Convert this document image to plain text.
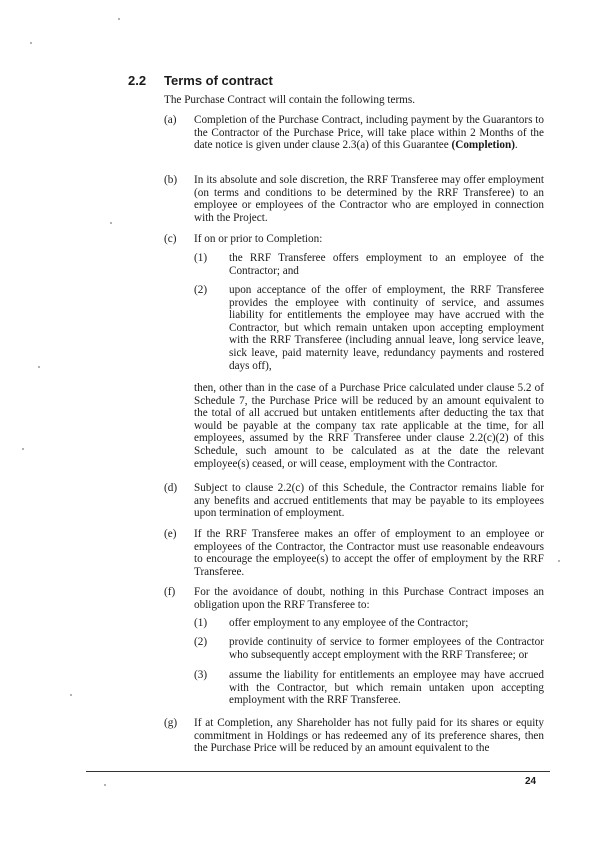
2.2 Terms of contract
The Purchase Contract will contain the following terms.
(a) Completion of the Purchase Contract, including payment by the Guarantors to the Contractor of the Purchase Price, will take place within 2 Months of the date notice is given under clause 2.3(a) of this Guarantee (Completion).
(b) In its absolute and sole discretion, the RRF Transferee may offer employment (on terms and conditions to be determined by the RRF Transferee) to an employee or employees of the Contractor who are employed in connection with the Project.
(c) If on or prior to Completion:
(1) the RRF Transferee offers employment to an employee of the Contractor; and
(2) upon acceptance of the offer of employment, the RRF Transferee provides the employee with continuity of service, and assumes liability for entitlements the employee may have accrued with the Contractor, but which remain untaken upon accepting employment with the RRF Transferee (including annual leave, long service leave, sick leave, paid maternity leave, redundancy payments and rostered days off),
then, other than in the case of a Purchase Price calculated under clause 5.2 of Schedule 7, the Purchase Price will be reduced by an amount equivalent to the total of all accrued but untaken entitlements after deducting the tax that would be payable at the company tax rate applicable at the time, for all employees, assumed by the RRF Transferee under clause 2.2(c)(2) of this Schedule, such amount to be calculated as at the date the relevant employee(s) ceased, or will cease, employment with the Contractor.
(d) Subject to clause 2.2(c) of this Schedule, the Contractor remains liable for any benefits and accrued entitlements that may be payable to its employees upon termination of employment.
(e) If the RRF Transferee makes an offer of employment to an employee or employees of the Contractor, the Contractor must use reasonable endeavours to encourage the employee(s) to accept the offer of employment by the RRF Transferee.
(f) For the avoidance of doubt, nothing in this Purchase Contract imposes an obligation upon the RRF Transferee to:
(1) offer employment to any employee of the Contractor;
(2) provide continuity of service to former employees of the Contractor who subsequently accept employment with the RRF Transferee; or
(3) assume the liability for entitlements an employee may have accrued with the Contractor, but which remain untaken upon accepting employment with the RRF Transferee.
(g) If at Completion, any Shareholder has not fully paid for its shares or equity commitment in Holdings or has redeemed any of its preference shares, then the Purchase Price will be reduced by an amount equivalent to the
24
